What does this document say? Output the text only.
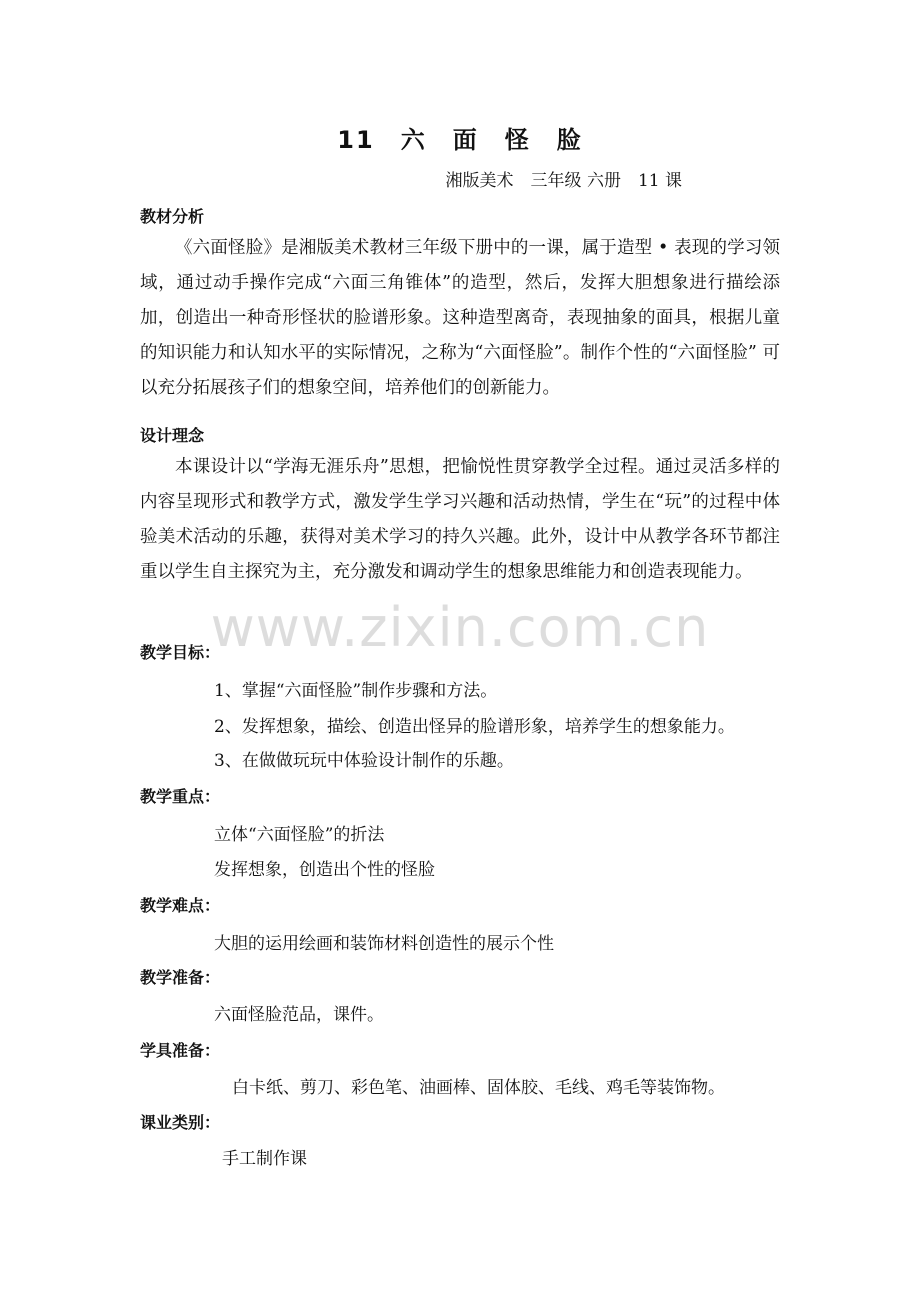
www.zixin.com.cn
11　六　面　怪　脸
湘版美术　三年级 六册　11 课
教材分析

《六面怪脸》是湘版美术教材三年级下册中的一课，属于造型 • 表现的学习领域，通过动手操作完成“六面三角锥体”的造型，然后，发挥大胆想象进行描绘添加，创造出一种奇形怪状的脸谱形象。这种造型离奇，表现抽象的面具，根据儿童的知识能力和认知水平的实际情况，之称为“六面怪脸”。制作个性的“六面怪脸” 可以充分拓展孩子们的想象空间，培养他们的创新能力。

设计理念

本课设计以“学海无涯乐舟”思想，把愉悦性贯穿教学全过程。通过灵活多样的内容呈现形式和教学方式，激发学生学习兴趣和活动热情，学生在“玩”的过程中体验美术活动的乐趣，获得对美术学习的持久兴趣。此外，设计中从教学各环节都注重以学生自主探究为主，充分激发和调动学生的想象思维能力和创造表现能力。

教学目标：
1、掌握“六面怪脸”制作步骤和方法。
2、发挥想象，描绘、创造出怪异的脸谱形象，培养学生的想象能力。
3、在做做玩玩中体验设计制作的乐趣。
教学重点：
立体“六面怪脸”的折法
发挥想象，创造出个性的怪脸
教学难点：
大胆的运用绘画和装饰材料创造性的展示个性
教学准备：
六面怪脸范品，课件。
学具准备：
白卡纸、剪刀、彩色笔、油画棒、固体胶、毛线、鸡毛等装饰物。
课业类别：
手工制作课
